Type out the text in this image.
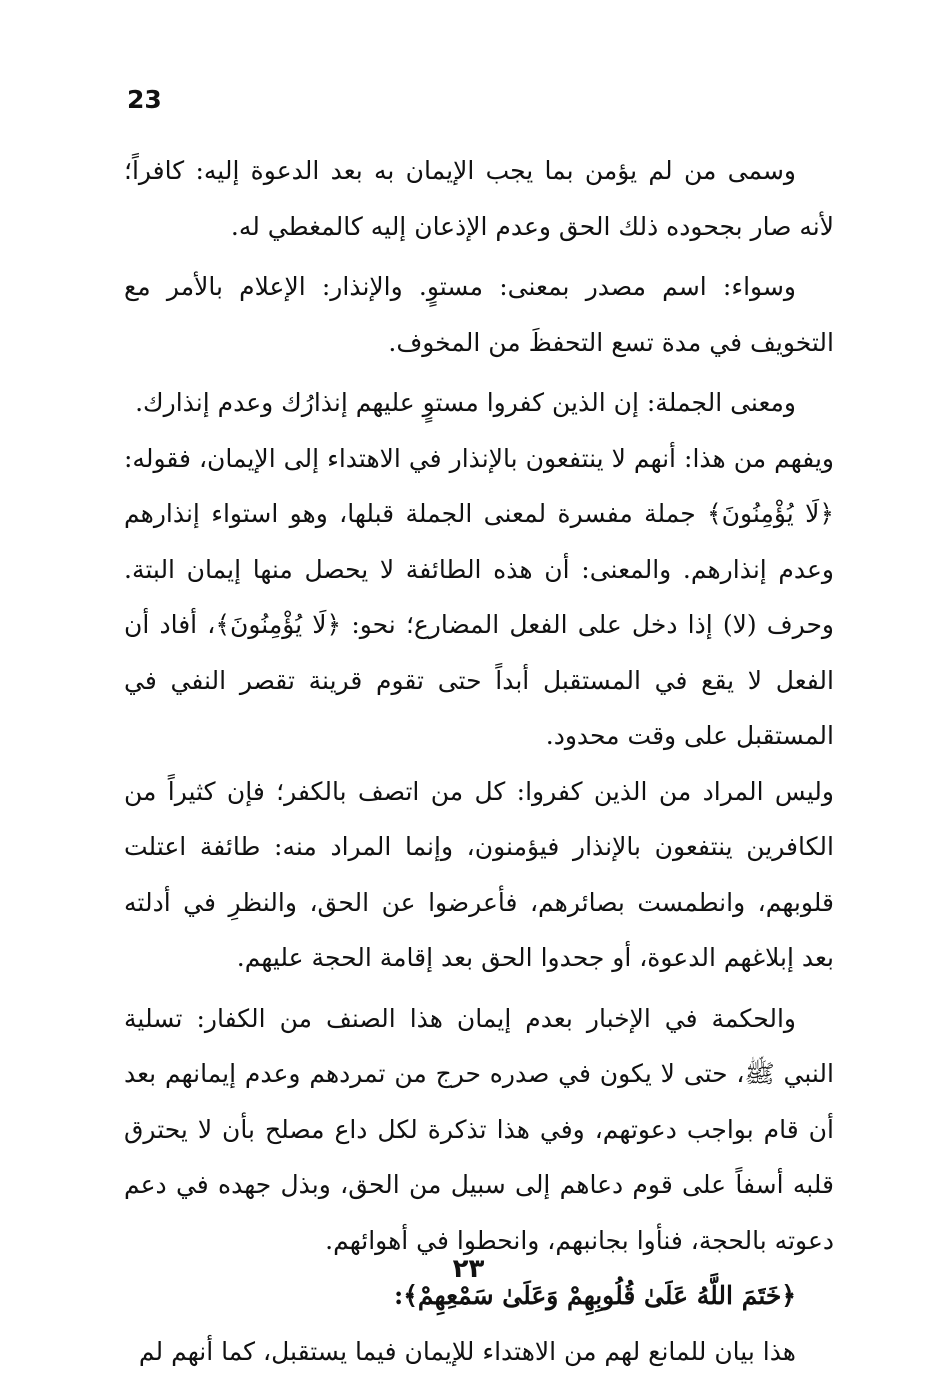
23

وسمى من لم يؤمن بما يجب الإيمان به بعد الدعوة إليه: كافراً؛ لأنه صار بجحوده ذلك الحق وعدم الإذعان إليه كالمغطي له.

وسواء: اسم مصدر بمعنى: مستوٍ. والإنذار: الإعلام بالأمر مع التخويف في مدة تسع التحفظَ من المخوف.

ومعنى الجملة: إن الذين كفروا مستوٍ عليهم إنذارُك وعدم إنذارك.

ويفهم من هذا: أنهم لا ينتفعون بالإنذار في الاهتداء إلى الإيمان، فقوله: ﴿لَا يُؤْمِنُونَ﴾ جملة مفسرة لمعنى الجملة قبلها، وهو استواء إنذارهم وعدم إنذارهم. والمعنى: أن هذه الطائفة لا يحصل منها إيمان البتة. وحرف (لا) إذا دخل على الفعل المضارع؛ نحو: ﴿لَا يُؤْمِنُونَ﴾، أفاد أن الفعل لا يقع في المستقبل أبداً حتى تقوم قرينة تقصر النفي في المستقبل على وقت محدود.

وليس المراد من الذين كفروا: كل من اتصف بالكفر؛ فإن كثيراً من الكافرين ينتفعون بالإنذار فيؤمنون، وإنما المراد منه: طائفة اعتلت قلوبهم، وانطمست بصائرهم، فأعرضوا عن الحق، والنظرِ في أدلته بعد إبلاغهم الدعوة، أو جحدوا الحق بعد إقامة الحجة عليهم.

والحكمة في الإخبار بعدم إيمان هذا الصنف من الكفار: تسلية النبي ﷺ، حتى لا يكون في صدره حرج من تمردهم وعدم إيمانهم بعد أن قام بواجب دعوتهم، وفي هذا تذكرة لكل داع مصلح بأن لا يحترق قلبه أسفاً على قوم دعاهم إلى سبيل من الحق، وبذل جهده في دعم دعوته بالحجة، فنأوا بجانبهم، وانحطوا في أهوائهم.

﴿خَتَمَ اللَّهُ عَلَىٰ قُلُوبِهِمْ وَعَلَىٰ سَمْعِهِمْ﴾:

هذا بيان للمانع لهم من الاهتداء للإيمان فيما يستقبل، كما أنهم لم

٢٣
